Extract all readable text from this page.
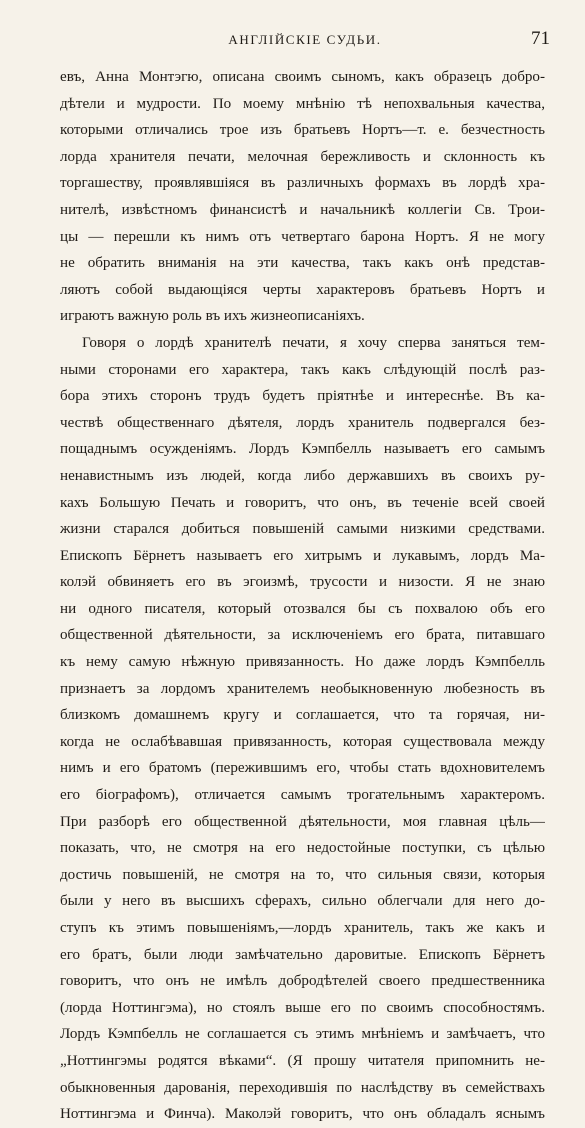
АНГЛІЙСКІЕ СУДЬИ.	71
евъ, Анна Монтэгю, описана своимъ сыномъ, какъ образецъ добро-
дѣтели и мудрости. По моему мнѣнію тѣ непохвальныя качества,
которыми отличались трое изъ братьевъ Нортъ—т. е. безчестность
лорда хранителя печати, мелочная бережливость и склонность къ
торгашеству, проявлявшіяся въ различныхъ формахъ въ лордѣ хра-
нителѣ, извѣстномъ финансистѣ и начальникѣ коллегіи Св. Трои-
цы — перешли къ нимъ отъ четвертаго барона Нортъ. Я не могу
не обратить вниманія на эти качества, такъ какъ онѣ представ-
ляютъ собой выдающіяся черты характеровъ братьевъ Нортъ и
играютъ важную роль въ ихъ жизнеописаніяхъ.
Говоря о лордѣ хранителѣ печати, я хочу сперва заняться тем-
ными сторонами его характера, такъ какъ слѣдующій послѣ раз-
бора этихъ сторонъ трудъ будетъ пріятнѣе и интереснѣе. Въ ка-
чествѣ общественнаго дѣятеля, лордъ хранитель подвергался без-
пощаднымъ осужденіямъ. Лордъ Кэмпбелль называетъ его самымъ
ненавистнымъ изъ людей, когда либо державшихъ въ своихъ ру-
кахъ Большую Печать и говоритъ, что онъ, въ теченіе всей своей
жизни старался добиться повышеній самыми низкими средствами.
Епископъ Бёрнетъ называетъ его хитрымъ и лукавымъ, лордъ Ма-
колэй обвиняетъ его въ эгоизмѣ, трусости и низости. Я не знаю
ни одного писателя, который отозвался бы съ похвалою объ его
общественной дѣятельности, за исключеніемъ его брата, питавшаго
къ нему самую нѣжную привязанность. Но даже лордъ Кэмпбелль
признаетъ за лордомъ хранителемъ необыкновенную любезность въ
близкомъ домашнемъ кругу и соглашается, что та горячая, ни-
когда не ослабѣвавшая привязанность, которая существовала между
нимъ и его братомъ (пережившимъ его, чтобы стать вдохновителемъ
его біографомъ), отличается самымъ трогательнымъ характеромъ.
При разборѣ его общественной дѣятельности, моя главная цѣль—
показать, что, не смотря на его недостойные поступки, съ цѣлью
достичь повышеній, не смотря на то, что сильныя связи, которыя
были у него въ высшихъ сферахъ, сильно облегчали для него до-
ступъ къ этимъ повышеніямъ,—лордъ хранитель, такъ же какъ и
его братъ, были люди замѣчательно даровитые. Епископъ Бёрнетъ
говоритъ, что онъ не имѣлъ добродѣтелей своего предшественника
(лорда Ноттингэма), но стоялъ выше его по своимъ способностямъ.
Лордъ Кэмпбелль не соглашается съ этимъ мнѣніемъ и замѣчаетъ, что
„Ноттингэмы родятся вѣками“. (Я прошу читателя припомнить не-
обыкновенныя дарованія, переходившія по наслѣдству въ семействахъ
Ноттингэма и Финча). Маколэй говоритъ, что онъ обладалъ яснымъ
